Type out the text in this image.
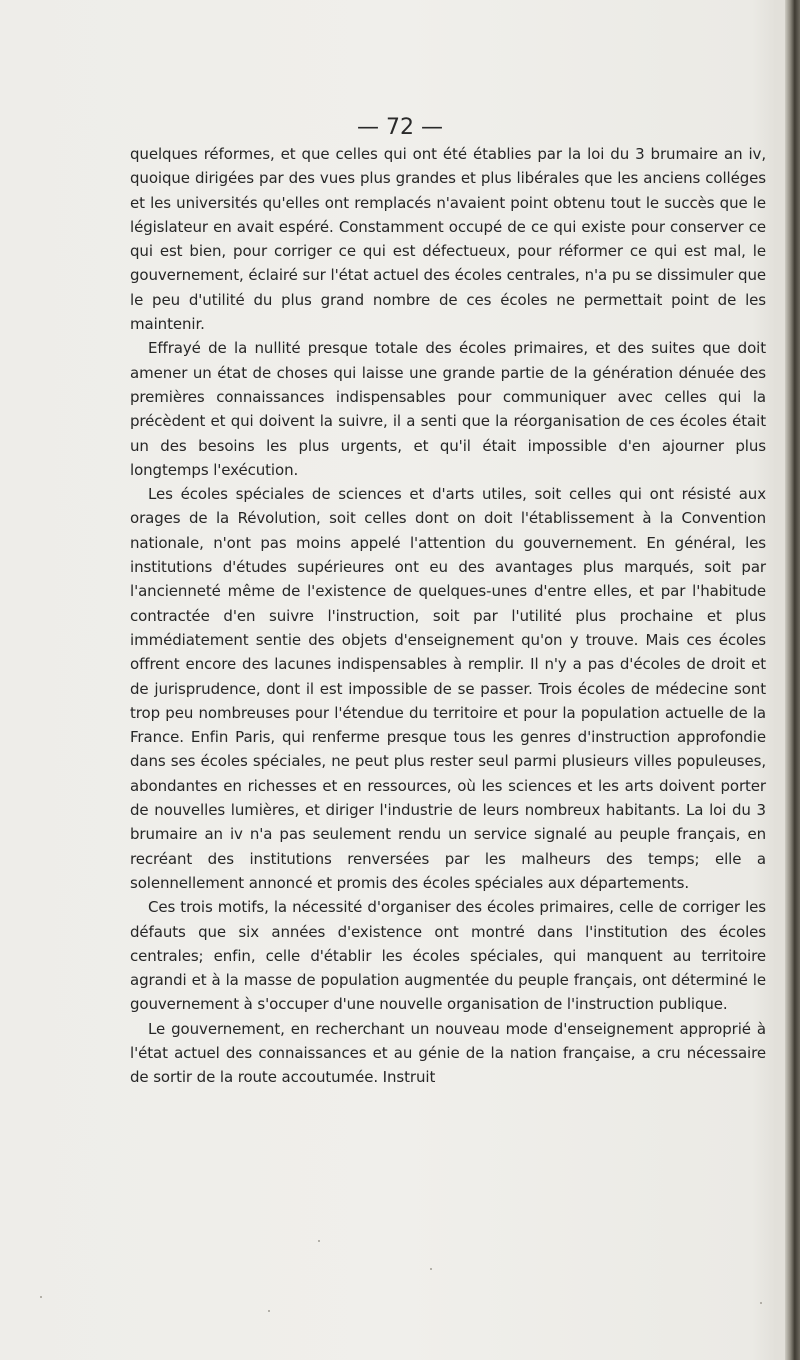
— 72 —

quelques réformes, et que celles qui ont été établies par la loi du 3 brumaire an iv, quoique dirigées par des vues plus grandes et plus libérales que les anciens colléges et les universités qu'elles ont remplacés n'avaient point obtenu tout le succès que le législateur en avait espéré. Constamment occupé de ce qui existe pour conserver ce qui est bien, pour corriger ce qui est défectueux, pour réformer ce qui est mal, le gouvernement, éclairé sur l'état actuel des écoles centrales, n'a pu se dissimuler que le peu d'utilité du plus grand nombre de ces écoles ne permettait point de les maintenir.

Effrayé de la nullité presque totale des écoles primaires, et des suites que doit amener un état de choses qui laisse une grande partie de la génération dénuée des premières connaissances indispensables pour communiquer avec celles qui la précèdent et qui doivent la suivre, il a senti que la réorganisation de ces écoles était un des besoins les plus urgents, et qu'il était impossible d'en ajourner plus longtemps l'exécution.

Les écoles spéciales de sciences et d'arts utiles, soit celles qui ont résisté aux orages de la Révolution, soit celles dont on doit l'établissement à la Convention nationale, n'ont pas moins appelé l'attention du gouvernement. En général, les institutions d'études supérieures ont eu des avantages plus marqués, soit par l'ancienneté même de l'existence de quelques-unes d'entre elles, et par l'habitude contractée d'en suivre l'instruction, soit par l'utilité plus prochaine et plus immédiatement sentie des objets d'enseignement qu'on y trouve. Mais ces écoles offrent encore des lacunes indispensables à remplir. Il n'y a pas d'écoles de droit et de jurisprudence, dont il est impossible de se passer. Trois écoles de médecine sont trop peu nombreuses pour l'étendue du territoire et pour la population actuelle de la France. Enfin Paris, qui renferme presque tous les genres d'instruction approfondie dans ses écoles spéciales, ne peut plus rester seul parmi plusieurs villes populeuses, abondantes en richesses et en ressources, où les sciences et les arts doivent porter de nouvelles lumières, et diriger l'industrie de leurs nombreux habitants. La loi du 3 brumaire an iv n'a pas seulement rendu un service signalé au peuple français, en recréant des institutions renversées par les malheurs des temps; elle a solennellement annoncé et promis des écoles spéciales aux départements.

Ces trois motifs, la nécessité d'organiser des écoles primaires, celle de corriger les défauts que six années d'existence ont montré dans l'institution des écoles centrales; enfin, celle d'établir les écoles spéciales, qui manquent au territoire agrandi et à la masse de population augmentée du peuple français, ont déterminé le gouvernement à s'occuper d'une nouvelle organisation de l'instruction publique.

Le gouvernement, en recherchant un nouveau mode d'enseignement approprié à l'état actuel des connaissances et au génie de la nation française, a cru nécessaire de sortir de la route accoutumée. Instruit
